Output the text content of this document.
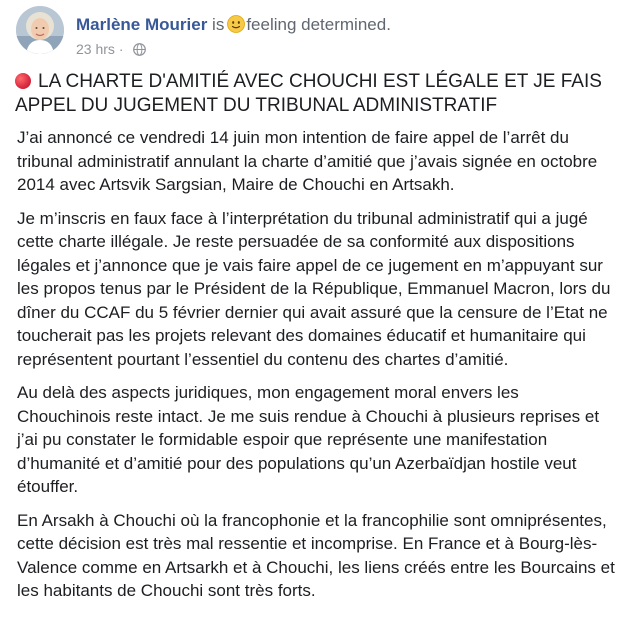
Marlène Mourier is feeling determined.
23 hrs ·
LA CHARTE D'AMITIÉ AVEC CHOUCHI EST LÉGALE ET JE FAIS APPEL DU JUGEMENT DU TRIBUNAL ADMINISTRATIF

J’ai annoncé ce vendredi 14 juin mon intention de faire appel de l’arrêt du tribunal administratif annulant la charte d’amitié que j’avais signée en octobre 2014 avec Artsvik Sargsian, Maire de Chouchi en Artsakh.

Je m’inscris en faux face à l’interprétation du tribunal administratif qui a jugé cette charte illégale. Je reste persuadée de sa conformité aux dispositions légales et j’annonce que je vais faire appel de ce jugement en m’appuyant sur les propos tenus par le Président de la République, Emmanuel Macron, lors du dîner du CCAF du 5 février dernier qui avait assuré que la censure de l’Etat ne toucherait pas les projets relevant des domaines éducatif et humanitaire qui représentent pourtant l’essentiel du contenu des chartes d’amitié.

Au delà des aspects juridiques, mon engagement moral envers les Chouchinois reste intact. Je me suis rendue à Chouchi à plusieurs reprises et j’ai pu constater le formidable espoir que représente une manifestation d’humanité et d’amitié pour des populations qu’un Azerbaïdjan hostile veut étouffer.

En Arsakh à Chouchi où la francophonie et la francophilie sont omniprésentes, cette décision est très mal ressentie et incomprise. En France et à Bourg-lès-Valence comme en Artsarkh et à Chouchi, les liens créés entre les Bourcains et les habitants de Chouchi sont très forts.
